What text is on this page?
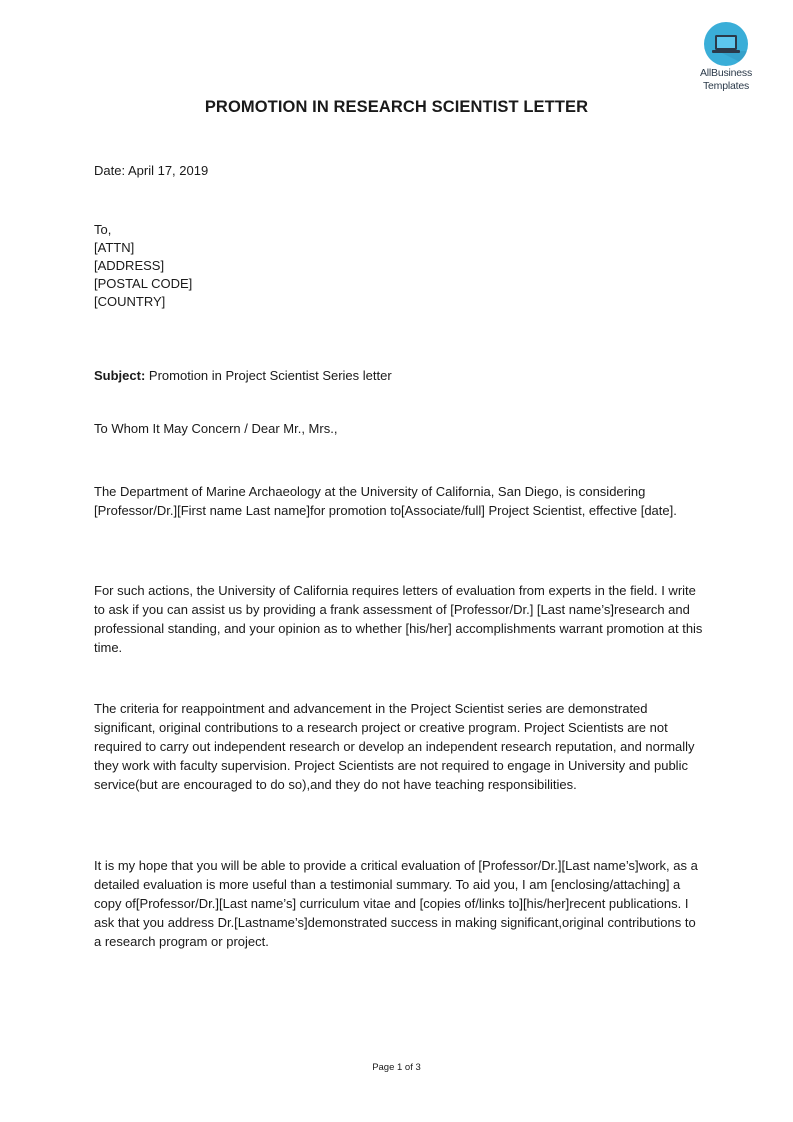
AllBusiness
Templates
PROMOTION IN RESEARCH SCIENTIST LETTER
Date: April 17, 2019
To,
[ATTN]
[ADDRESS]
[POSTAL CODE]
[COUNTRY]
Subject: Promotion in Project Scientist Series letter
To Whom It May Concern / Dear Mr., Mrs.,
The Department of Marine Archaeology at the University of California, San Diego, is considering [Professor/Dr.][First name Last name]for promotion to[Associate/full] Project Scientist, effective [date].
For such actions, the University of California requires letters of evaluation from experts in the field. I write to ask if you can assist us by providing a frank assessment of [Professor/Dr.] [Last name’s]research and professional standing, and your opinion as to whether [his/her] accomplishments warrant promotion at this time.
The criteria for reappointment and advancement in the Project Scientist series are demonstrated significant, original contributions to a research project or creative program. Project Scientists are not required to carry out independent research or develop an independent research reputation, and normally they work with faculty supervision. Project Scientists are not required to engage in University and public service(but are encouraged to do so),and they do not have teaching responsibilities.
It is my hope that you will be able to provide a critical evaluation of [Professor/Dr.][Last name’s]work, as a detailed evaluation is more useful than a testimonial summary. To aid you, I am [enclosing/attaching] a copy of[Professor/Dr.][Last name’s] curriculum vitae and [copies of/links to][his/her]recent publications. I ask that you address Dr.[Lastname’s]demonstrated success in making significant,original contributions to a research program or project.
Page 1 of 3
